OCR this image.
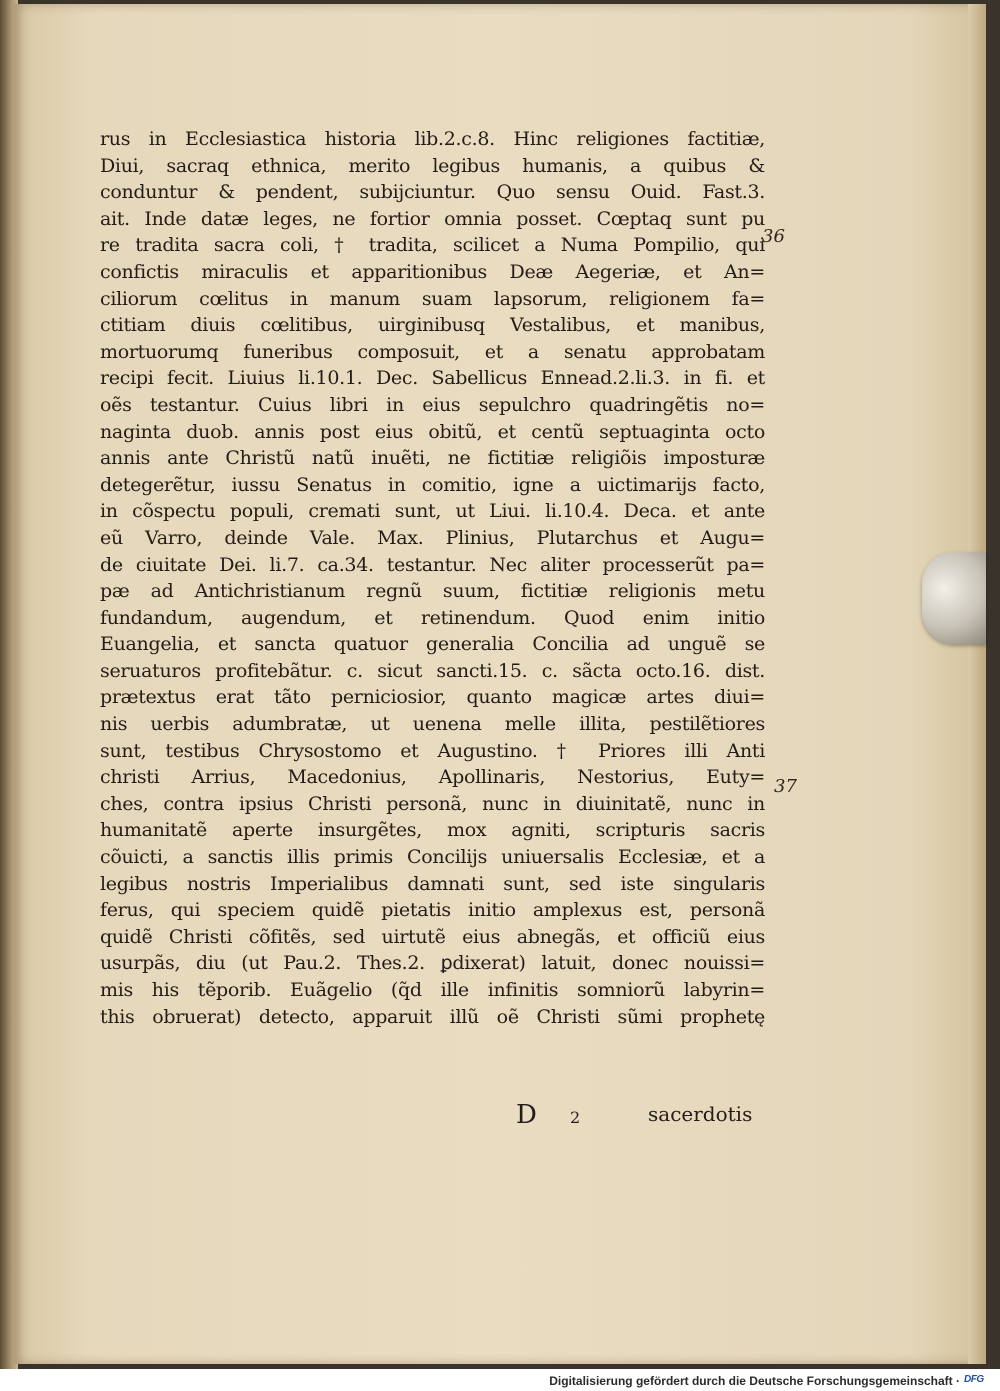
rus in Ecclesiastica historia lib.2.c.8. Hinc religiones factitiæ,
Diui, sacraq ethnica, merito legibus humanis, a quibus &
conduntur & pendent, subijciuntur. Quo sensu Ouid. Fast.3.
ait. Inde datæ leges, ne fortior omnia posset. Cœptaq sunt pu
re tradita sacra coli, † tradita, scilicet a Numa Pompilio, qui
confictis miraculis et apparitionibus Deæ Aegeriæ, et An=
ciliorum cœlitus in manum suam lapsorum, religionem fa=
ctitiam diuis cœlitibus, uirginibusq Vestalibus, et manibus,
mortuorumq funeribus composuit, et a senatu approbatam
recipi fecit. Liuius li.10.1. Dec. Sabellicus Ennead.2.li.3. in fi. et
oẽs testantur. Cuius libri in eius sepulchro quadringẽtis no=
naginta duob. annis post eius obitũ, et centũ septuaginta octo
annis ante Christũ natũ inuẽti, ne fictitiæ religiõis imposturæ
detegerẽtur, iussu Senatus in comitio, igne a uictimarijs facto,
in cõspectu populi, cremati sunt, ut Liui. li.10.4. Deca. et ante
eũ Varro, deinde Vale. Max. Plinius, Plutarchus et Augu=
de ciuitate Dei. li.7. ca.34. testantur. Nec aliter processerũt pa=
pæ ad Antichristianum regnũ suum, fictitiæ religionis metu
fundandum, augendum, et retinendum. Quod enim initio
Euangelia, et sancta quatuor generalia Concilia ad unguẽ se
seruaturos profitebãtur. c. sicut sancti.15. c. sãcta octo.16. dist.
prætextus erat tãto perniciosior, quanto magicæ artes diui=
nis uerbis adumbratæ, ut uenena melle illita, pestilẽtiores
sunt, testibus Chrysostomo et Augustino. † Priores illi Anti
christi Arrius, Macedonius, Apollinaris, Nestorius, Euty=
ches, contra ipsius Christi personã, nunc in diuinitatẽ, nunc in
humanitatẽ aperte insurgẽtes, mox agniti, scripturis sacris
cõuicti, a sanctis illis primis Concilijs uniuersalis Ecclesiæ, et a
legibus nostris Imperialibus damnati sunt, sed iste singularis
ferus, qui speciem quidẽ pietatis initio amplexus est, personã
quidẽ Christi cõfitẽs, sed uirtutẽ eius abnegãs, et officiũ eius
usurpãs, diu (ut Pau.2. Thes.2. ꝑdixerat) latuit, donec nouissi=
mis his tẽporib. Euãgelio (q̃d ille infinitis somniorũ labyrin=
this obruerat) detecto, apparuit illũ oẽ Christi sũmi prophetę
36
37
D 2	sacerdotis
Digitalisierung gefördert durch die Deutsche Forschungsgemeinschaft · DFG
